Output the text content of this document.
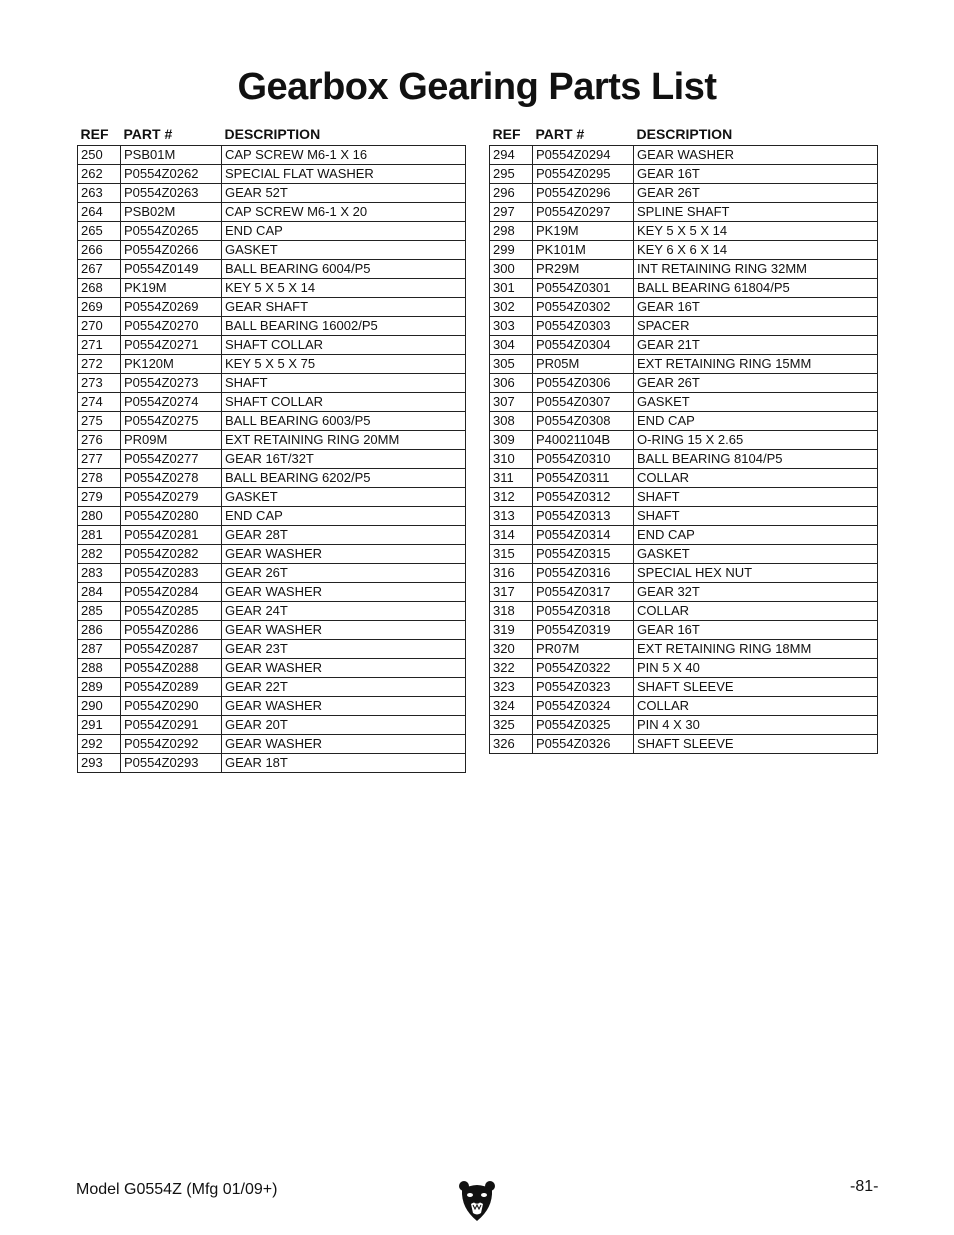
Gearbox Gearing Parts List
REF	PART #	DESCRIPTION
250	PSB01M	CAP SCREW M6-1 X 16
262	P0554Z0262	SPECIAL FLAT WASHER
263	P0554Z0263	GEAR 52T
264	PSB02M	CAP SCREW M6-1 X 20
265	P0554Z0265	END CAP
266	P0554Z0266	GASKET
267	P0554Z0149	BALL BEARING 6004/P5
268	PK19M	KEY 5 X 5 X 14
269	P0554Z0269	GEAR SHAFT
270	P0554Z0270	BALL BEARING 16002/P5
271	P0554Z0271	SHAFT COLLAR
272	PK120M	KEY 5 X 5 X 75
273	P0554Z0273	SHAFT
274	P0554Z0274	SHAFT COLLAR
275	P0554Z0275	BALL BEARING 6003/P5
276	PR09M	EXT RETAINING RING 20MM
277	P0554Z0277	GEAR 16T/32T
278	P0554Z0278	BALL BEARING 6202/P5
279	P0554Z0279	GASKET
280	P0554Z0280	END CAP
281	P0554Z0281	GEAR 28T
282	P0554Z0282	GEAR WASHER
283	P0554Z0283	GEAR 26T
284	P0554Z0284	GEAR WASHER
285	P0554Z0285	GEAR 24T
286	P0554Z0286	GEAR WASHER
287	P0554Z0287	GEAR 23T
288	P0554Z0288	GEAR WASHER
289	P0554Z0289	GEAR 22T
290	P0554Z0290	GEAR WASHER
291	P0554Z0291	GEAR 20T
292	P0554Z0292	GEAR WASHER
293	P0554Z0293	GEAR 18T
REF	PART #	DESCRIPTION
294	P0554Z0294	GEAR WASHER
295	P0554Z0295	GEAR 16T
296	P0554Z0296	GEAR 26T
297	P0554Z0297	SPLINE SHAFT
298	PK19M	KEY 5 X 5 X 14
299	PK101M	KEY 6 X 6 X 14
300	PR29M	INT RETAINING RING 32MM
301	P0554Z0301	BALL BEARING 61804/P5
302	P0554Z0302	GEAR 16T
303	P0554Z0303	SPACER
304	P0554Z0304	GEAR 21T
305	PR05M	EXT RETAINING RING 15MM
306	P0554Z0306	GEAR 26T
307	P0554Z0307	GASKET
308	P0554Z0308	END CAP
309	P40021104B	O-RING 15 X 2.65
310	P0554Z0310	BALL BEARING 8104/P5
311	P0554Z0311	COLLAR
312	P0554Z0312	SHAFT
313	P0554Z0313	SHAFT
314	P0554Z0314	END CAP
315	P0554Z0315	GASKET
316	P0554Z0316	SPECIAL HEX NUT
317	P0554Z0317	GEAR 32T
318	P0554Z0318	COLLAR
319	P0554Z0319	GEAR 16T
320	PR07M	EXT RETAINING RING 18MM
322	P0554Z0322	PIN 5 X 40
323	P0554Z0323	SHAFT SLEEVE
324	P0554Z0324	COLLAR
325	P0554Z0325	PIN 4 X 30
326	P0554Z0326	SHAFT SLEEVE
Model G0554Z (Mfg 01/09+)	-81-
